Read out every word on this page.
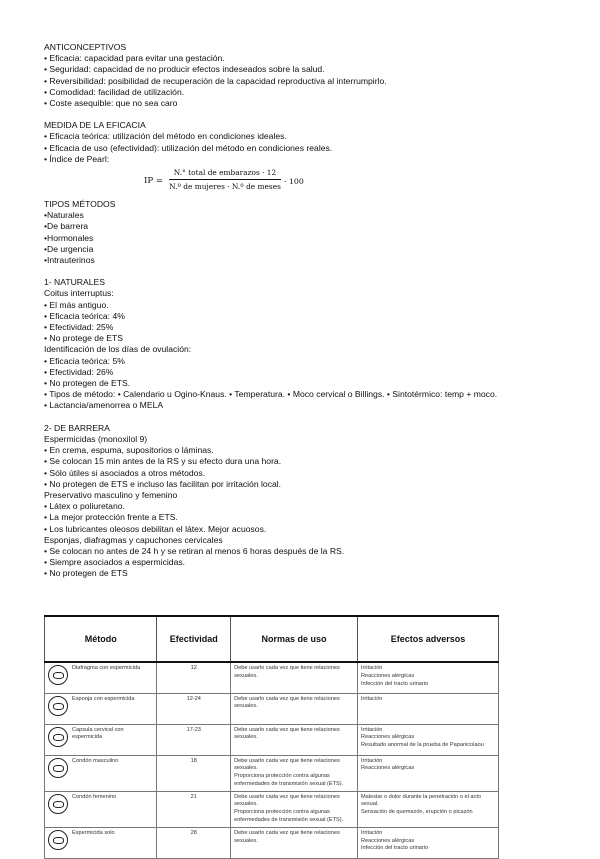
ANTICONCEPTIVOS
• Eficacia: capacidad para evitar una gestación.
• Seguridad: capacidad de no producir efectos indeseados sobre la salud.
• Reversibilidad: posibilidad de recuperación de la capacidad reproductiva al interrumpirlo.
• Comodidad: facilidad de utilización.
• Coste asequible: que no sea caro
MEDIDA DE LA EFICACIA
• Eficacia teórica: utilización del método en condiciones ideales.
• Eficacia de uso (efectividad): utilización del método en condiciones reales.
• Índice de Pearl:
IP =
N.° total de embarazos · 12
N.º de mujeres · N.º de meses
· 100
TIPOS MÉTODOS
•Naturales
•De barrera
•Hormonales
•De urgencia
•Intrauterinos
1- NATURALES
Coitus interruptus:
• El más antiguo.
• Eficacia teórica: 4%
• Efectividad: 25%
• No protege de ETS
Identificación de los días de ovulación:
• Eficacia teórica: 5%
• Efectividad: 26%
• No protegen de ETS.
• Tipos de método: • Calendario u Ogino-Knaus. • Temperatura. • Moco cervical o Billings. • Sintotérmico: temp + moco.
• Lactancia/amenorrea o MELA
2- DE BARRERA
Espermicidas (monoxilol 9)
• En crema, espuma, supositorios o láminas.
• Se colocan 15 min antes de la RS y su efecto dura una hora.
• Sólo útiles si asociados a otros métodos.
• No protegen de ETS e incluso las facilitan por irritación local.
Preservativo masculino y femenino
• Látex o poliuretano.
• La mejor protección frente a ETS.
• Los lubricantes oleosos debilitan el látex. Mejor acuosos.
Esponjas, diafragmas y capuchones cervicales
• Se colocan no antes de 24 h y se retiran al menos 6 horas después de la RS.
• Siempre asociados a espermicidas.
• No protegen de ETS
Método	Efectividad	Normas de uso	Efectos adversos
Diafragma con espermicida	12	Debe usarlo cada vez que tiene relaciones sexuales.	Irritación
Reacciones alérgicas
Infección del tracto urinario
Esponja con espermicida	12-24	Debe usarlo cada vez que tiene relaciones sexuales.	Irritación
Capsula cervical con espermicida	17-23	Debe usarlo cada vez que tiene relaciones sexuales.	Irritación
Reacciones alérgicas
Resultado anormal de la prueba de Papanicolaou
Condón masculino	18	Debe usarlo cada vez que tiene relaciones sexuales.
Proporciona protección contra algunas enfermedades de transmisión sexual (ETS).	Irritación
Reacciones alérgicas
Condón femenino	21	Debe usarlo cada vez que tiene relaciones sexuales.
Proporciona protección contra algunas enfermedades de transmisión sexual (ETS).	Malestar o dolor durante la penetración o el acto sexual.
Sensación de quemazón, erupción o picazón
Espermicida solo	28	Debe usarlo cada vez que tiene relaciones sexuales.	Irritación
Reacciones alérgicas
Infección del tracto urinario
